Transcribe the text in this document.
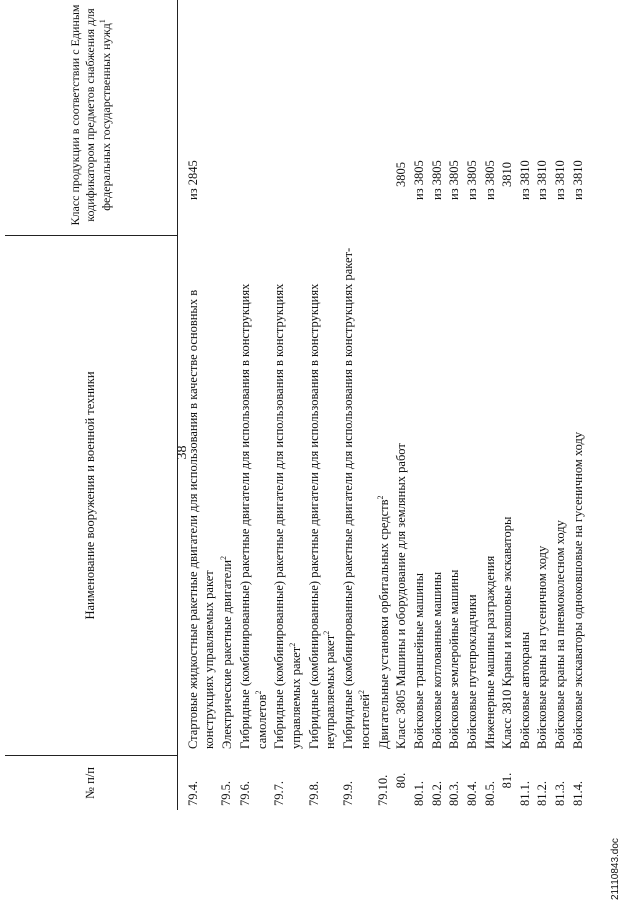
38
№ п/п
Наименование вооружения и военной техники
Класс продукции в соответствии с Единым кодификатором предметов снабжения для федеральных государственных нужд$^1$
79.4.
Стартовые жидкостные ракетные двигатели для использования в качестве основных в конструкциях управляемых ракет
из 2845
79.5.
Электрические ракетные двигатели$^2$
79.6.
Гибридные (комбинированные) ракетные двигатели для использования в конструкциях самолетов$^2$
79.7.
Гибридные (комбинированные) ракетные двигатели для использования в конструкциях управляемых ракет$^2$
79.8.
Гибридные (комбинированные) ракетные двигатели для использования в конструкциях неуправляемых ракет$^2$
79.9.
Гибридные (комбинированные) ракетные двигатели для использования в конструкциях ракет-носителей$^2$
79.10.
Двигательные установки орбитальных средств$^2$
80.
Класс 3805 Машины и оборудование для земляных работ
3805
80.1.
Войсковые траншейные машины
из 3805
80.2.
Войсковые котлованные машины
из 3805
80.3.
Войсковые землеройные машины
из 3805
80.4.
Войсковые путепрокладчики
из 3805
80.5.
Инженерные машины разграждения
из 3805
81.
Класс 3810 Краны и ковшовые экскаваторы
3810
81.1.
Войсковые автокраны
из 3810
81.2.
Войсковые краны на гусеничном ходу
из 3810
81.3.
Войсковые краны на пневмоколесном ходу
из 3810
81.4.
Войсковые экскаваторы одноковшовые на гусеничном ходу
из 3810
21110843.doc
